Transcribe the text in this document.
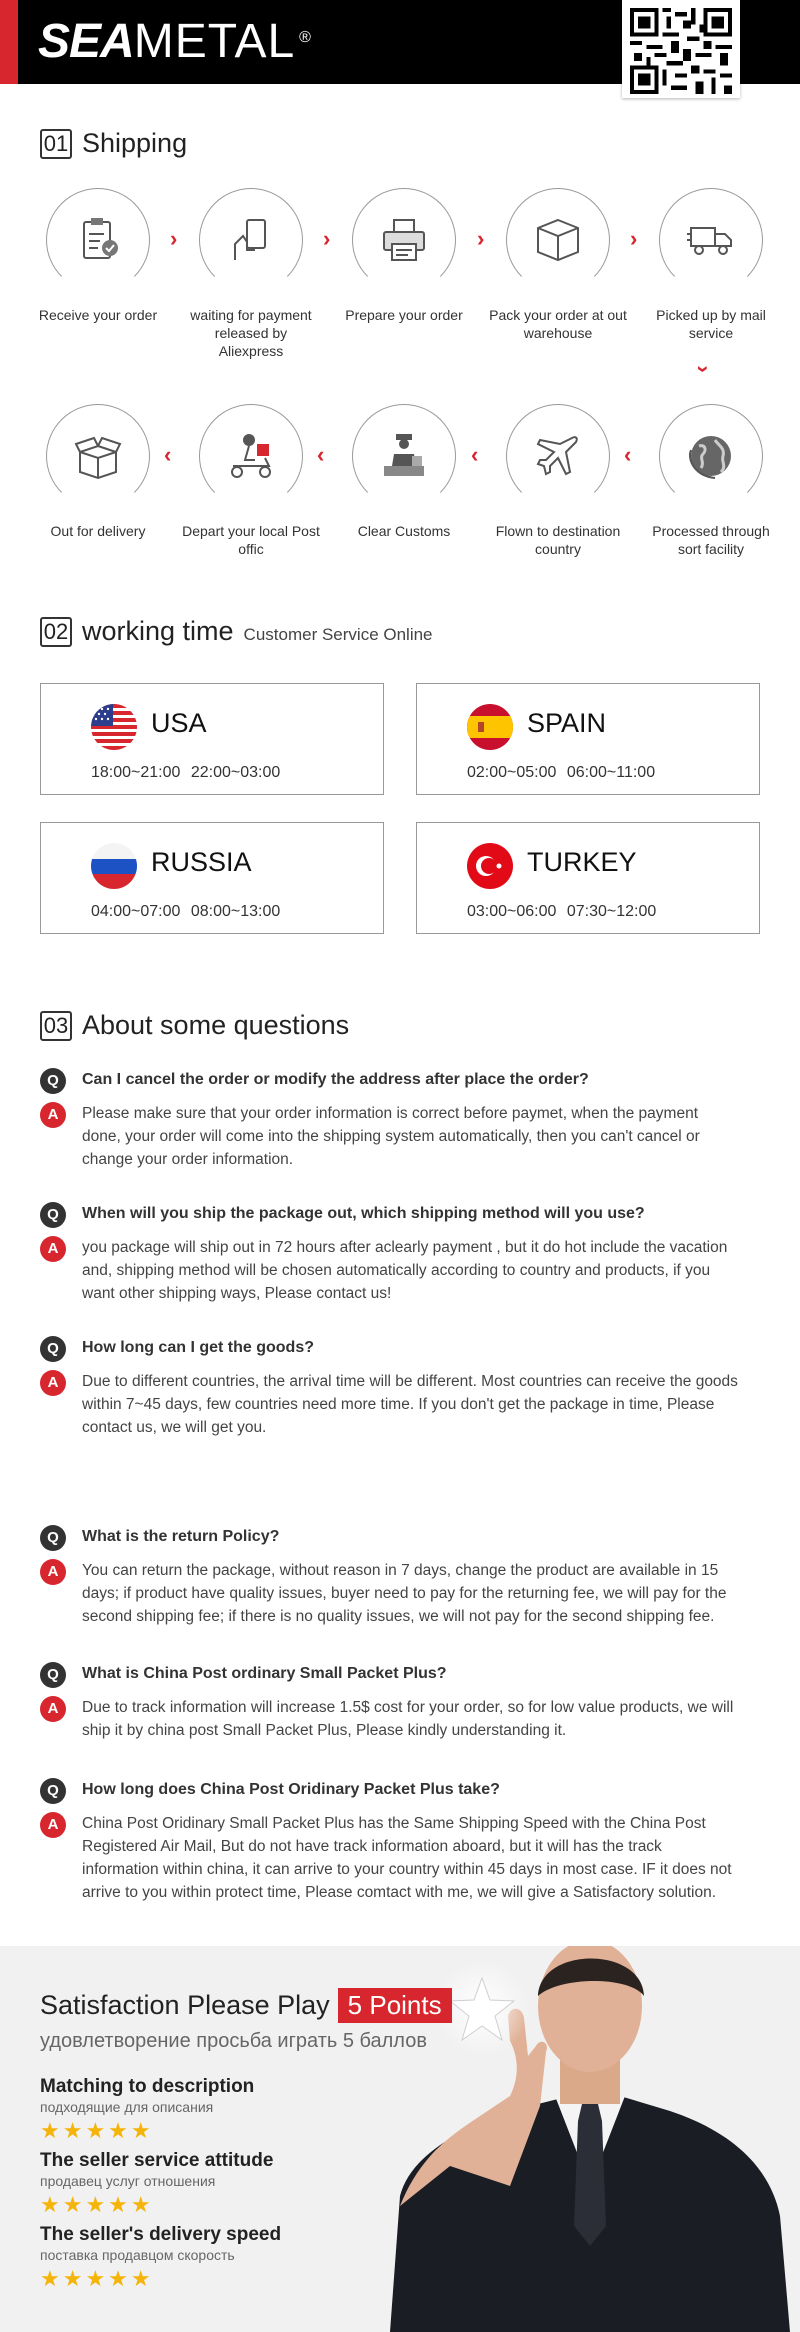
SEAMETAL ®
01 Shipping
Receive your order
›
waiting for payment released by Aliexpress
›
Prepare your order
›
Pack your order at out warehouse
›
Picked up by mail service
›
Out for delivery
‹
Depart your local Post offic
‹
Clear Customs
‹
Flown to destination country
‹
Processed through sort facility
02 working time Customer Service Online
USA
18:00~21:00 22:00~03:00
SPAIN
02:00~05:00 06:00~11:00
RUSSIA
04:00~07:00 08:00~13:00
TURKEY
03:00~06:00 07:30~12:00
03 About some questions
Q	Can I cancel the order or modify the address after place the order?
A	Please make sure that your order information is correct before paymet, when the payment done, your order will come into the shipping system automatically, then you can't cancel or change your order information.
Q	When will you ship the package out, which shipping method will you use?
A	you package will ship out in 72 hours after aclearly payment , but it do hot include the vacation and, shipping method will be chosen automatically according to country and products, if you want other shipping ways, Please contact us!
Q	How long can I get the goods?
A	Due to different countries, the arrival time will be different. Most countries can receive the goods within 7~45 days, few countries need more time. If you don't get the package in time, Please contact us, we will get you.
Q	What is the return Policy?
A	You can return the package, without reason in 7 days, change the product are available in 15 days; if product have quality issues, buyer need to pay for the returning fee, we will pay for the second shipping fee; if there is no quality issues, we will not pay for the second shipping fee.
Q	What is China Post ordinary Small Packet Plus?
A	Due to track information will increase 1.5$ cost for your order, so for low value products, we will ship it by china post Small Packet Plus, Please kindly understanding it.
Q	How long does China Post Oridinary Packet Plus take?
A	China Post Oridinary Small Packet Plus has the Same Shipping Speed with the China Post Registered Air Mail, But do not have track information aboard, but it will has the track information within china, it can arrive to your country within 45 days in most case. IF it does not arrive to you within protect time, Please comtact with me, we will give a Satisfactory solution.
Satisfaction Please Play 5 Points
удовлетворение просьба играть 5 баллов
Matching to description
подходящие для описания
★★★★★
The seller service attitude
продавец услуг отношения
★★★★★
The seller's delivery speed
поставка продавцом скорость
★★★★★
